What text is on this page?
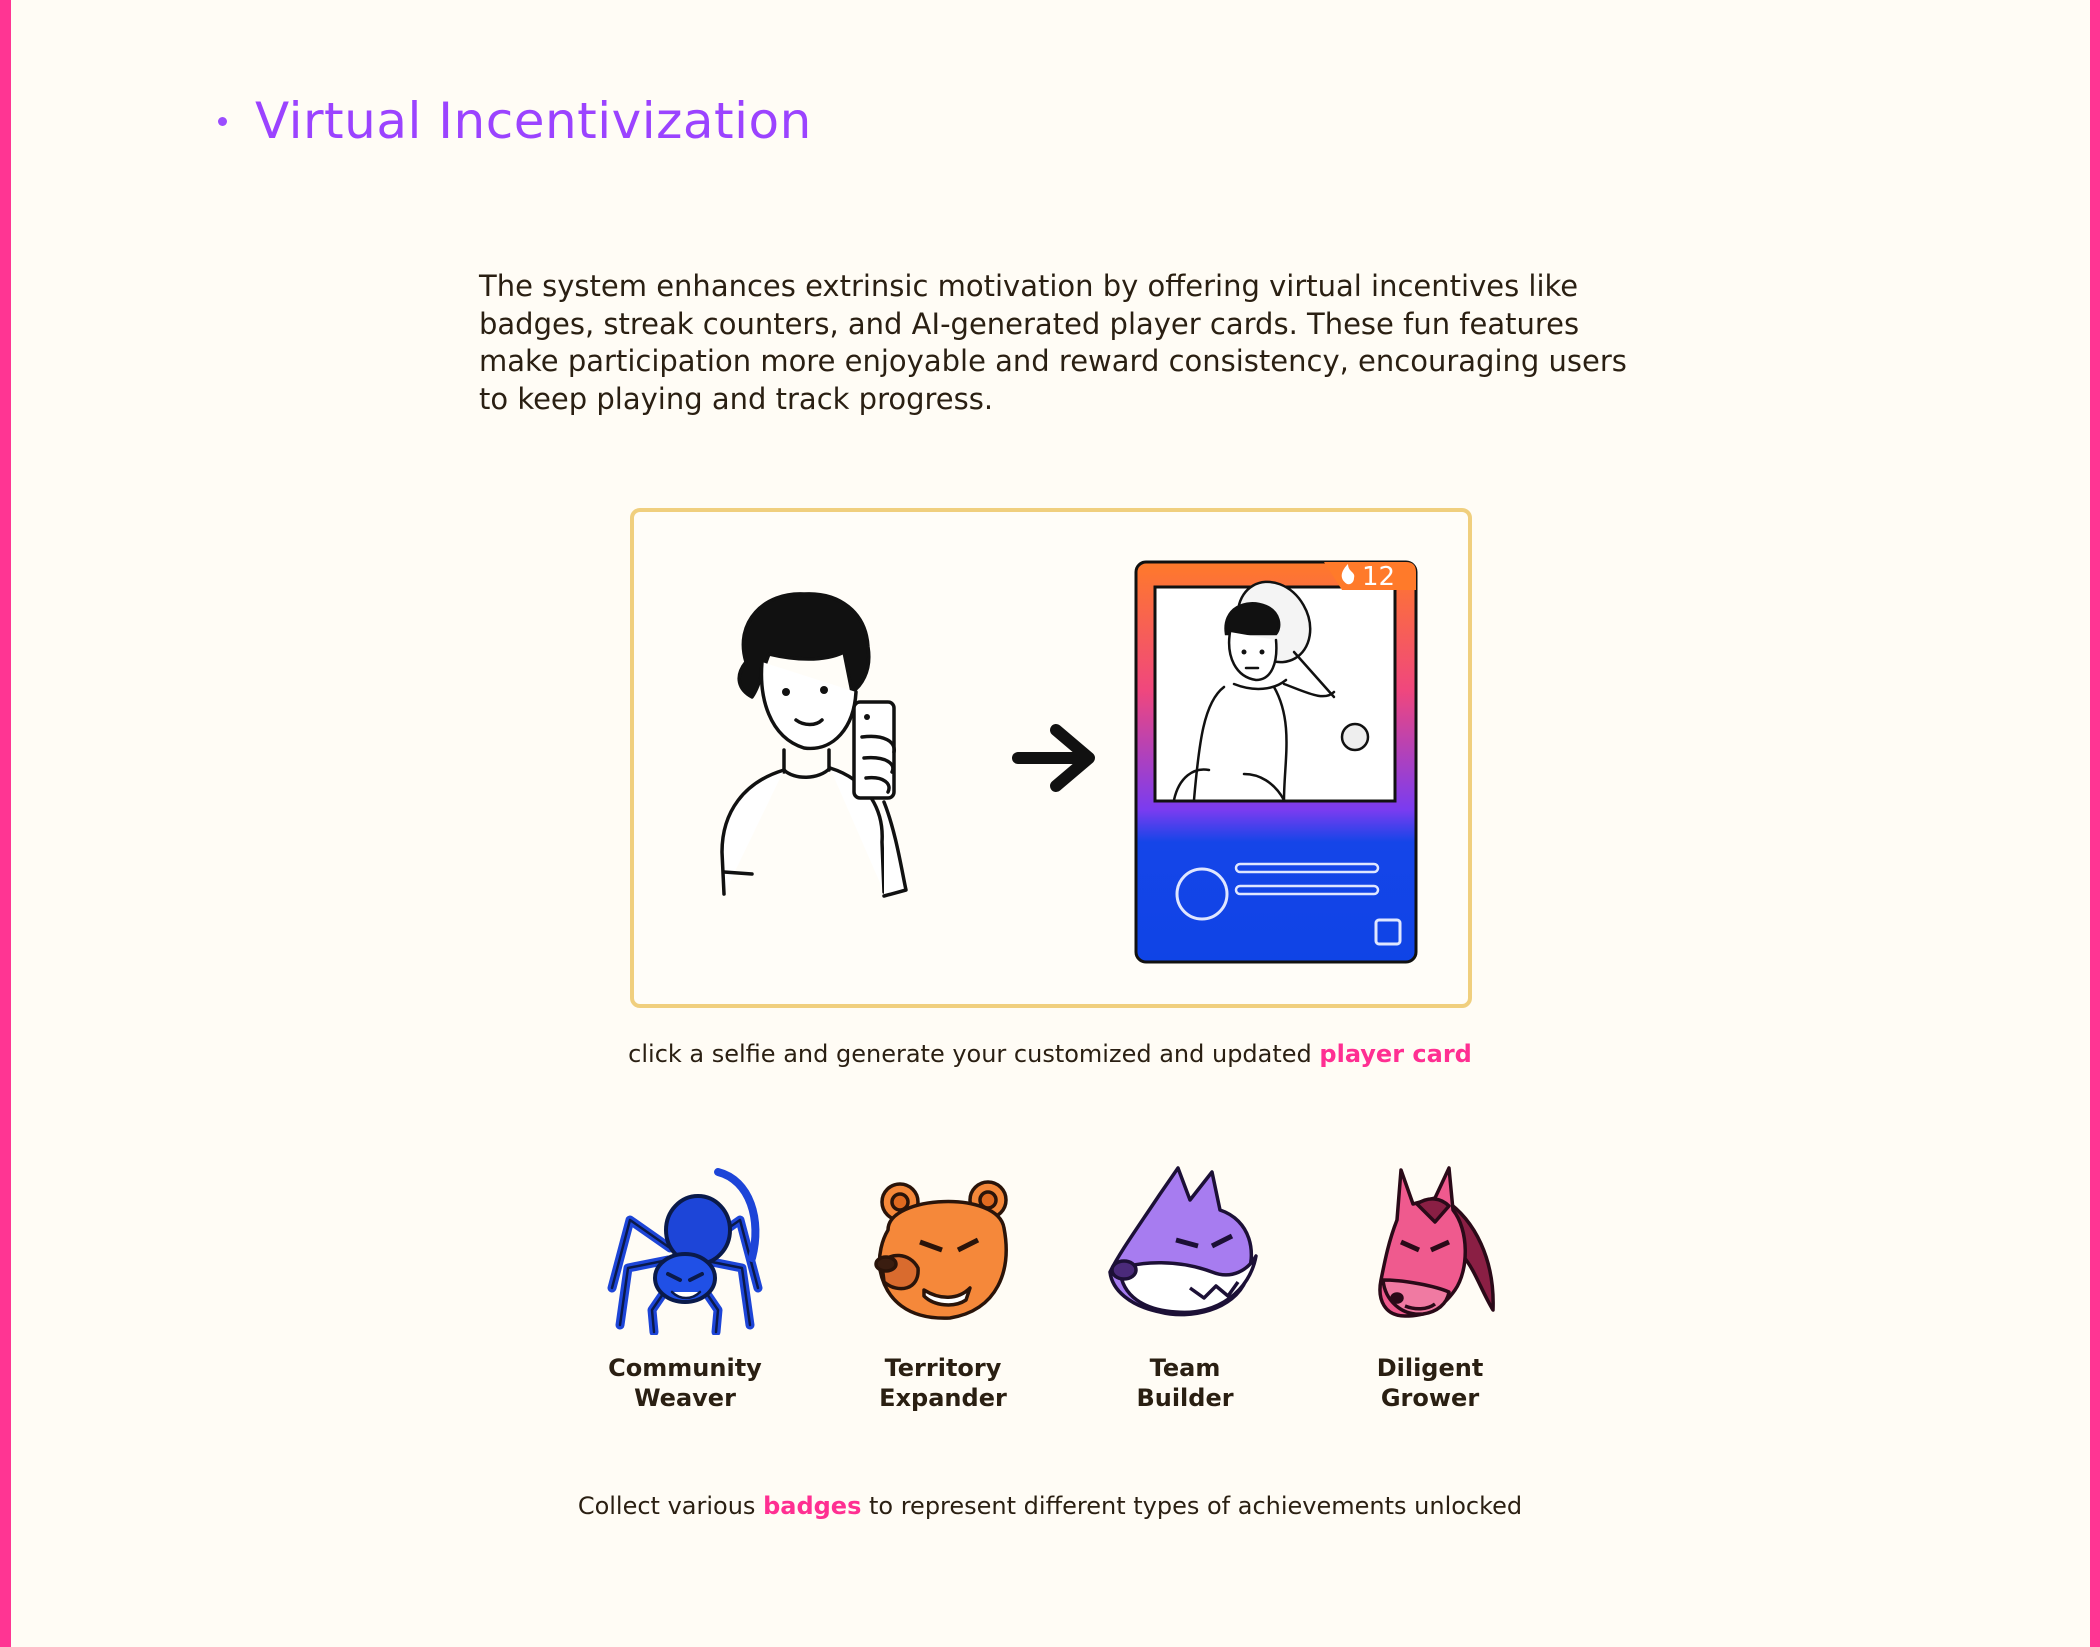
Virtual Incentivization

The system enhances extrinsic motivation by offering virtual incentives like badges, streak counters, and AI-generated player cards. These fun features make participation more enjoyable and reward consistency, encouraging users to keep playing and track progress.

12

click a selfie and generate your customized and updated player card

Community
Weaver
Territory
Expander
Team
Builder
Diligent
Grower

Collect various badges to represent different types of achievements unlocked
